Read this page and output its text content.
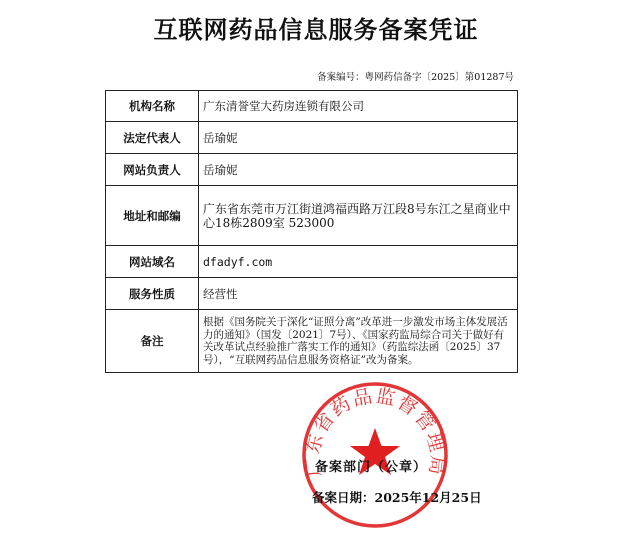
互联网药品信息服务备案凭证
备案编号：粤网药信备字〔2025〕第01287号
机构名称	广东清誉堂大药房连锁有限公司
法定代表人	岳瑜妮
网站负责人	岳瑜妮
地址和邮编	广东省东莞市万江街道鸿福西路万江段8号东江之星商业中心18栋2809室 523000
网站域名	dfadyf.com
服务性质	经营性
备注	根据《国务院关于深化“证照分离”改革进一步激发市场主体发展活力的通知》（国发〔2021〕7号）、《国家药监局综合司关于做好有关改革试点经验推广落实工作的通知》（药监综法函〔2025〕37号），“互联网药品信息服务资格证”改为备案。
广东省药品监督管理局
备案部门（公章）
备案日期：2025年12月25日
